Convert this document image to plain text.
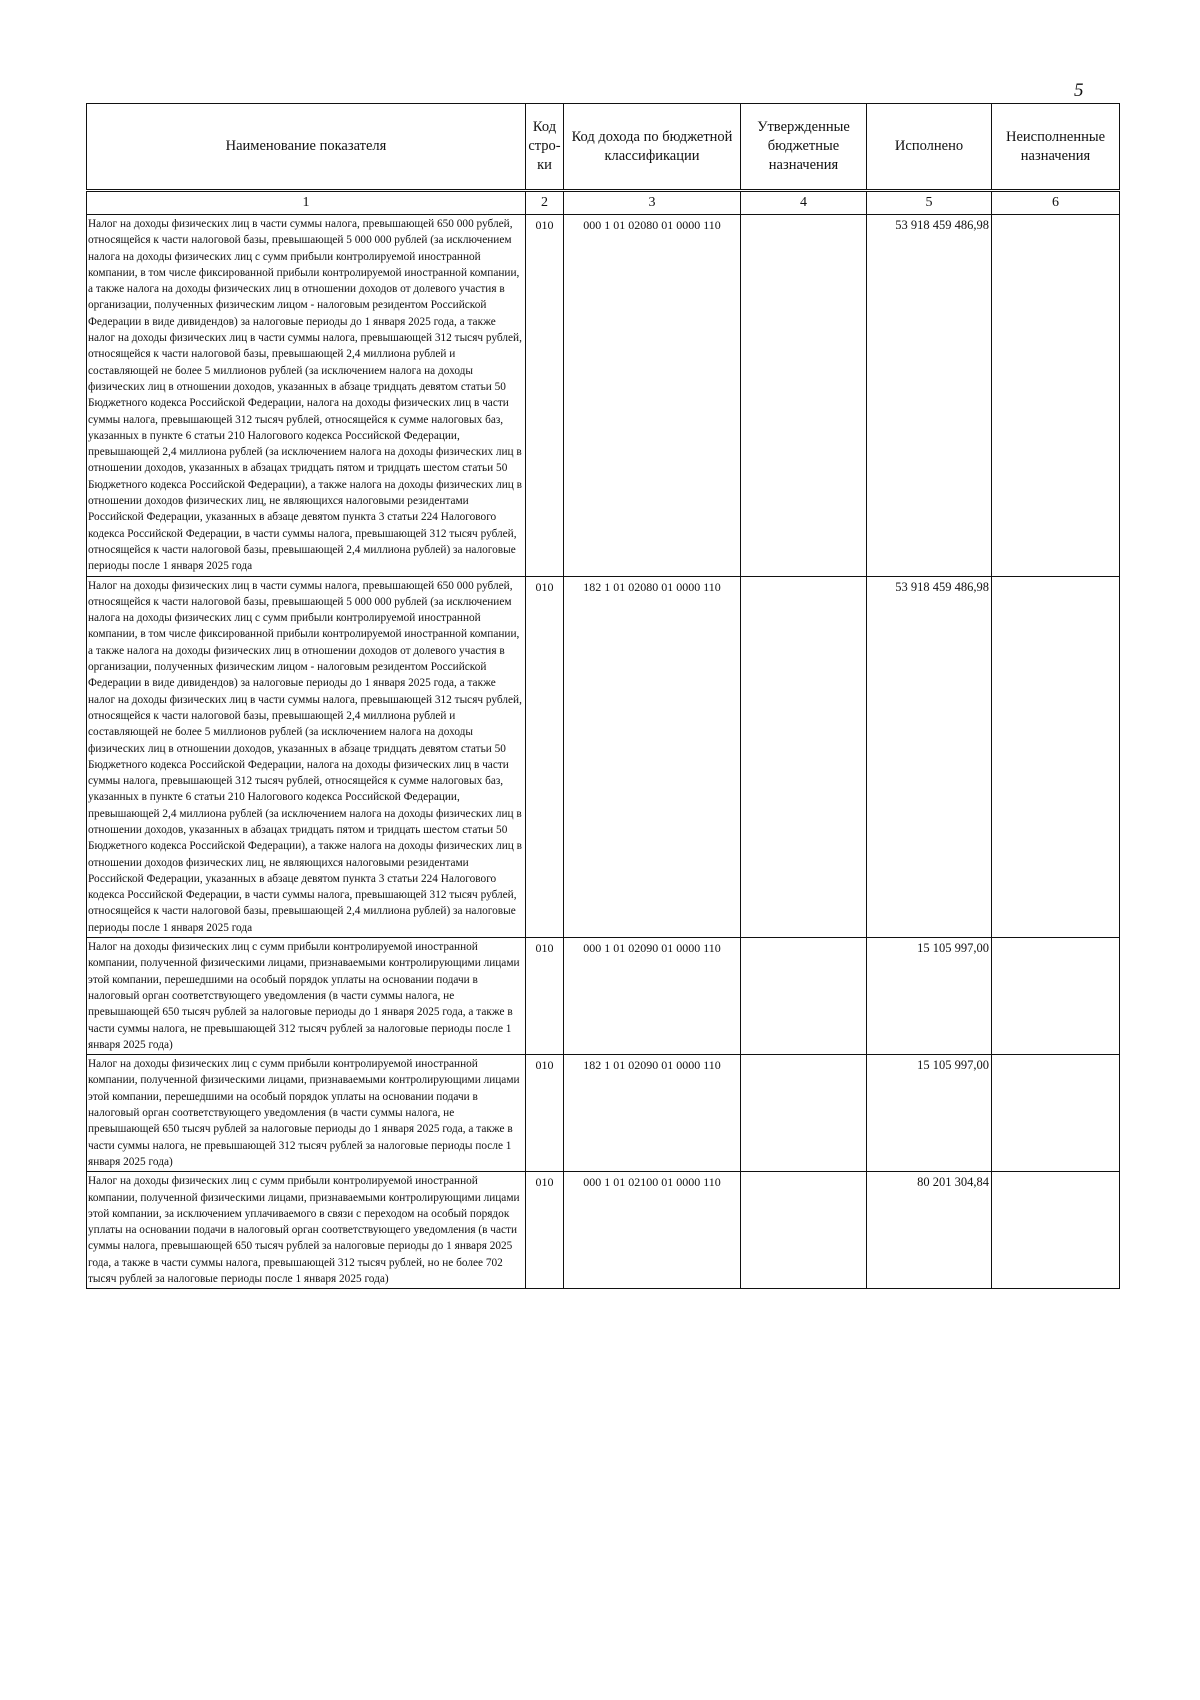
5
Наименование показателя	Код стро-ки	Код дохода по бюджетной классификации	Утвержденные бюджетные назначения	Исполнено	Неисполненные назначения
1	2	3	4	5	6
Налог на доходы физических лиц в части суммы налога, превышающей 650 000 рублей, относящейся к части налоговой базы, превышающей 5 000 000 рублей (за исключением налога на доходы физических лиц с сумм прибыли контролируемой иностранной компании, в том числе фиксированной прибыли контролируемой иностранной компании, а также налога на доходы физических лиц в отношении доходов от долевого участия в организации, полученных физическим лицом - налоговым резидентом Российской Федерации в виде дивидендов) за налоговые периоды до 1 января 2025 года, а также налог на доходы физических лиц в части суммы налога, превышающей 312 тысяч рублей, относящейся к части налоговой базы, превышающей 2,4 миллиона рублей и составляющей не более 5 миллионов рублей (за исключением налога на доходы физических лиц в отношении доходов, указанных в абзаце тридцать девятом статьи 50 Бюджетного кодекса Российской Федерации, налога на доходы физических лиц в части суммы налога, превышающей 312 тысяч рублей, относящейся к сумме налоговых баз, указанных в пункте 6 статьи 210 Налогового кодекса Российской Федерации, превышающей 2,4 миллиона рублей (за исключением налога на доходы физических лиц в отношении доходов, указанных в абзацах тридцать пятом и тридцать шестом статьи 50 Бюджетного кодекса Российской Федерации), а также налога на доходы физических лиц в отношении доходов физических лиц, не являющихся налоговыми резидентами Российской Федерации, указанных в абзаце девятом пункта 3 статьи 224 Налогового кодекса Российской Федерации, в части суммы налога, превышающей 312 тысяч рублей, относящейся к части налоговой базы, превышающей 2,4 миллиона рублей) за налоговые периоды после 1 января 2025 года	010	000 1 01 02080 01 0000 110		53 918 459 486,98	
Налог на доходы физических лиц в части суммы налога, превышающей 650 000 рублей, относящейся к части налоговой базы, превышающей 5 000 000 рублей (за исключением налога на доходы физических лиц с сумм прибыли контролируемой иностранной компании, в том числе фиксированной прибыли контролируемой иностранной компании, а также налога на доходы физических лиц в отношении доходов от долевого участия в организации, полученных физическим лицом - налоговым резидентом Российской Федерации в виде дивидендов) за налоговые периоды до 1 января 2025 года, а также налог на доходы физических лиц в части суммы налога, превышающей 312 тысяч рублей, относящейся к части налоговой базы, превышающей 2,4 миллиона рублей и составляющей не более 5 миллионов рублей (за исключением налога на доходы физических лиц в отношении доходов, указанных в абзаце тридцать девятом статьи 50 Бюджетного кодекса Российской Федерации, налога на доходы физических лиц в части суммы налога, превышающей 312 тысяч рублей, относящейся к сумме налоговых баз, указанных в пункте 6 статьи 210 Налогового кодекса Российской Федерации, превышающей 2,4 миллиона рублей (за исключением налога на доходы физических лиц в отношении доходов, указанных в абзацах тридцать пятом и тридцать шестом статьи 50 Бюджетного кодекса Российской Федерации), а также налога на доходы физических лиц в отношении доходов физических лиц, не являющихся налоговыми резидентами Российской Федерации, указанных в абзаце девятом пункта 3 статьи 224 Налогового кодекса Российской Федерации, в части суммы налога, превышающей 312 тысяч рублей, относящейся к части налоговой базы, превышающей 2,4 миллиона рублей) за налоговые периоды после 1 января 2025 года	010	182 1 01 02080 01 0000 110		53 918 459 486,98	
Налог на доходы физических лиц с сумм прибыли контролируемой иностранной компании, полученной физическими лицами, признаваемыми контролирующими лицами этой компании, перешедшими на особый порядок уплаты на основании подачи в налоговый орган соответствующего уведомления (в части суммы налога, не превышающей 650 тысяч рублей за налоговые периоды до 1 января 2025 года, а также в части суммы налога, не превышающей 312 тысяч рублей за налоговые периоды после 1 января 2025 года)	010	000 1 01 02090 01 0000 110		15 105 997,00	
Налог на доходы физических лиц с сумм прибыли контролируемой иностранной компании, полученной физическими лицами, признаваемыми контролирующими лицами этой компании, перешедшими на особый порядок уплаты на основании подачи в налоговый орган соответствующего уведомления (в части суммы налога, не превышающей 650 тысяч рублей за налоговые периоды до 1 января 2025 года, а также в части суммы налога, не превышающей 312 тысяч рублей за налоговые периоды после 1 января 2025 года)	010	182 1 01 02090 01 0000 110		15 105 997,00	
Налог на доходы физических лиц с сумм прибыли контролируемой иностранной компании, полученной физическими лицами, признаваемыми контролирующими лицами этой компании, за исключением уплачиваемого в связи с переходом на особый порядок уплаты на основании подачи в налоговый орган соответствующего уведомления (в части суммы налога, превышающей 650 тысяч рублей за налоговые периоды до 1 января 2025 года, а также в части суммы налога, превышающей 312 тысяч рублей, но не более 702 тысяч рублей за налоговые периоды после 1 января 2025 года)	010	000 1 01 02100 01 0000 110		80 201 304,84	
